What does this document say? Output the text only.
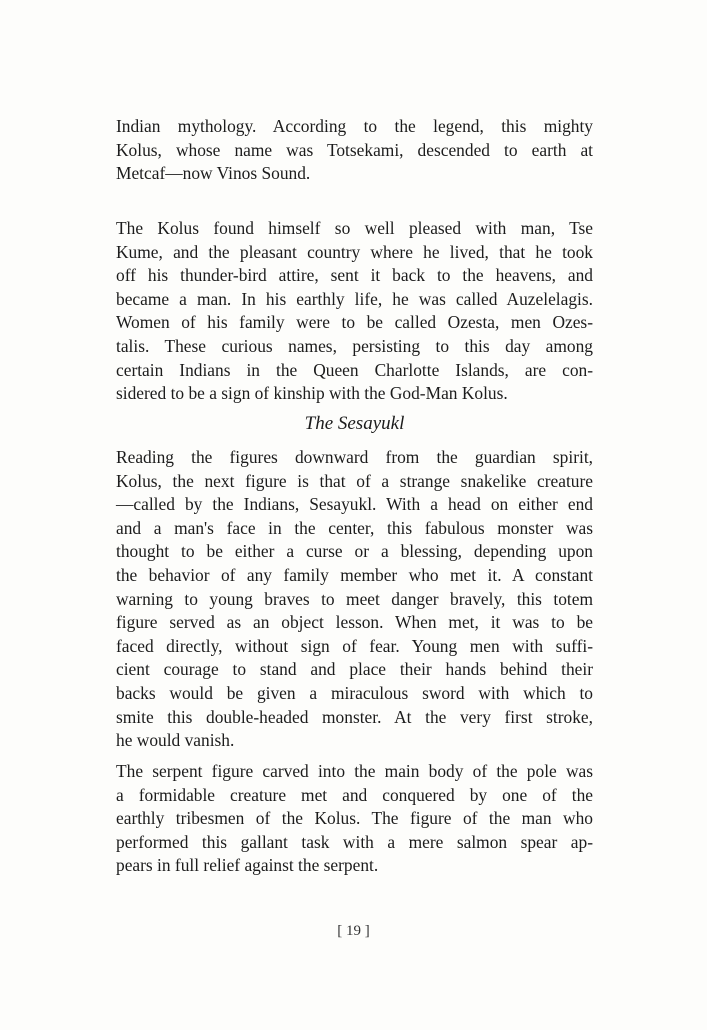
Indian mythology. According to the legend, this mighty
Kolus, whose name was Totsekami, descended to earth at
Metcaf—now Vinos Sound.
The Kolus found himself so well pleased with man, Tse
Kume, and the pleasant country where he lived, that he took
off his thunder-bird attire, sent it back to the heavens, and
became a man. In his earthly life, he was called Auzelelagis.
Women of his family were to be called Ozesta, men Ozes-
talis. These curious names, persisting to this day among
certain Indians in the Queen Charlotte Islands, are con-
sidered to be a sign of kinship with the God-Man Kolus.
The Sesayukl
Reading the figures downward from the guardian spirit,
Kolus, the next figure is that of a strange snakelike creature
—called by the Indians, Sesayukl. With a head on either end
and a man's face in the center, this fabulous monster was
thought to be either a curse or a blessing, depending upon
the behavior of any family member who met it. A constant
warning to young braves to meet danger bravely, this totem
figure served as an object lesson. When met, it was to be
faced directly, without sign of fear. Young men with suffi-
cient courage to stand and place their hands behind their
backs would be given a miraculous sword with which to
smite this double-headed monster. At the very first stroke,
he would vanish.
The serpent figure carved into the main body of the pole was
a formidable creature met and conquered by one of the
earthly tribesmen of the Kolus. The figure of the man who
performed this gallant task with a mere salmon spear ap-
pears in full relief against the serpent.
[ 19 ]
